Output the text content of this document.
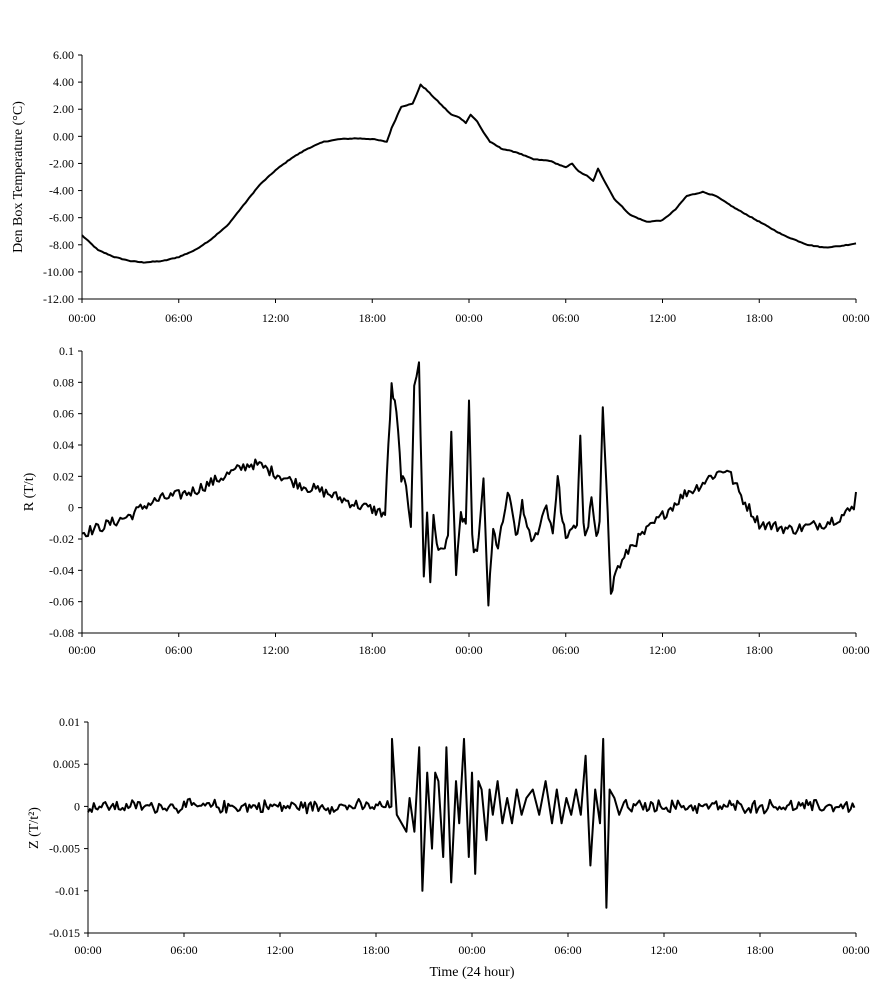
6.00
4.00
2.00
0.00
-2.00
-4.00
-6.00
-8.00
-10.00
-12.00
00:00	06:00	12:00	18:00	00:00	06:00	12:00	18:00	00:00
Den Box Temperature (°C)
0.1
0.08
0.06
0.04
0.02
0
-0.02
-0.04
-0.06
-0.08
00:00	06:00	12:00	18:00	00:00	06:00	12:00	18:00	00:00
R (T/t)
0.01
0.005
0
-0.005
-0.01
-0.015
00:00	06:00	12:00	18:00	00:00	06:00	12:00	18:00	00:00
Z (T/t²)
Time (24 hour)
